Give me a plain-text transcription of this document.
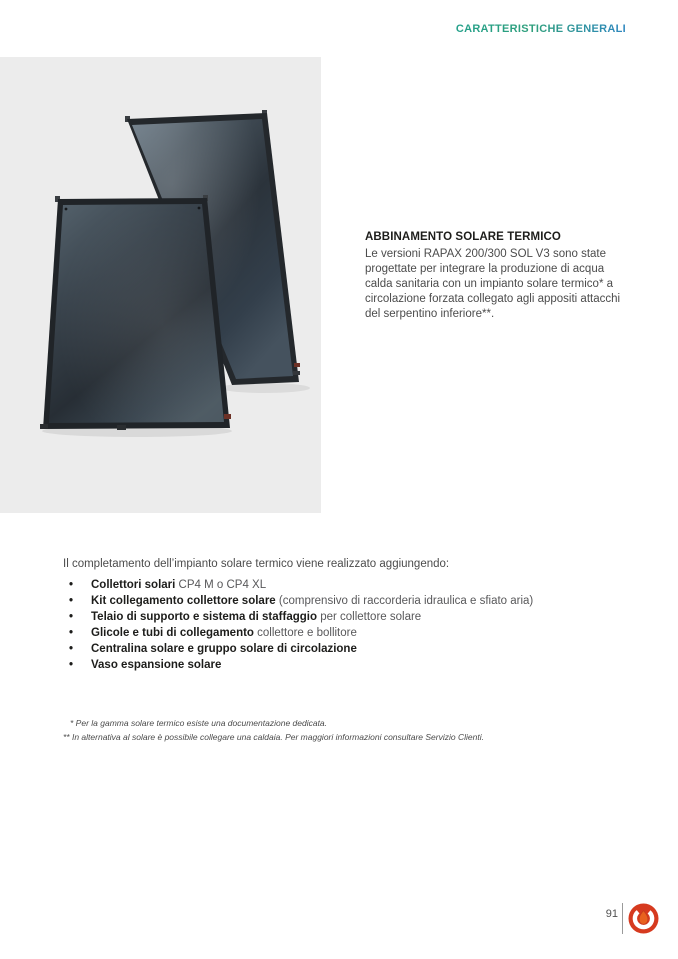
CARATTERISTICHE GENERALI
ABBINAMENTO SOLARE TERMICO

Le versioni RAPAX 200/300 SOL V3 sono state progettate per integrare la produzione di acqua calda sanitaria con un impianto solare termico* a circolazione forzata collegato agli appositi attacchi del serpentino inferiore**.

Il completamento dell’impianto solare termico viene realizzato aggiungendo:

•	Collettori solari CP4 M o CP4 XL
•	Kit collegamento collettore solare (comprensivo di raccorderia idraulica e sfiato aria)
•	Telaio di supporto e sistema di staffaggio per collettore solare
•	Glicole e tubi di collegamento collettore e bollitore
•	Centralina solare e gruppo solare di circolazione
•	Vaso espansione solare
* Per la gamma solare termico esiste una documentazione dedicata.
** In alternativa al solare è possibile collegare una caldaia. Per maggiori informazioni consultare Servizio Clienti.
91
